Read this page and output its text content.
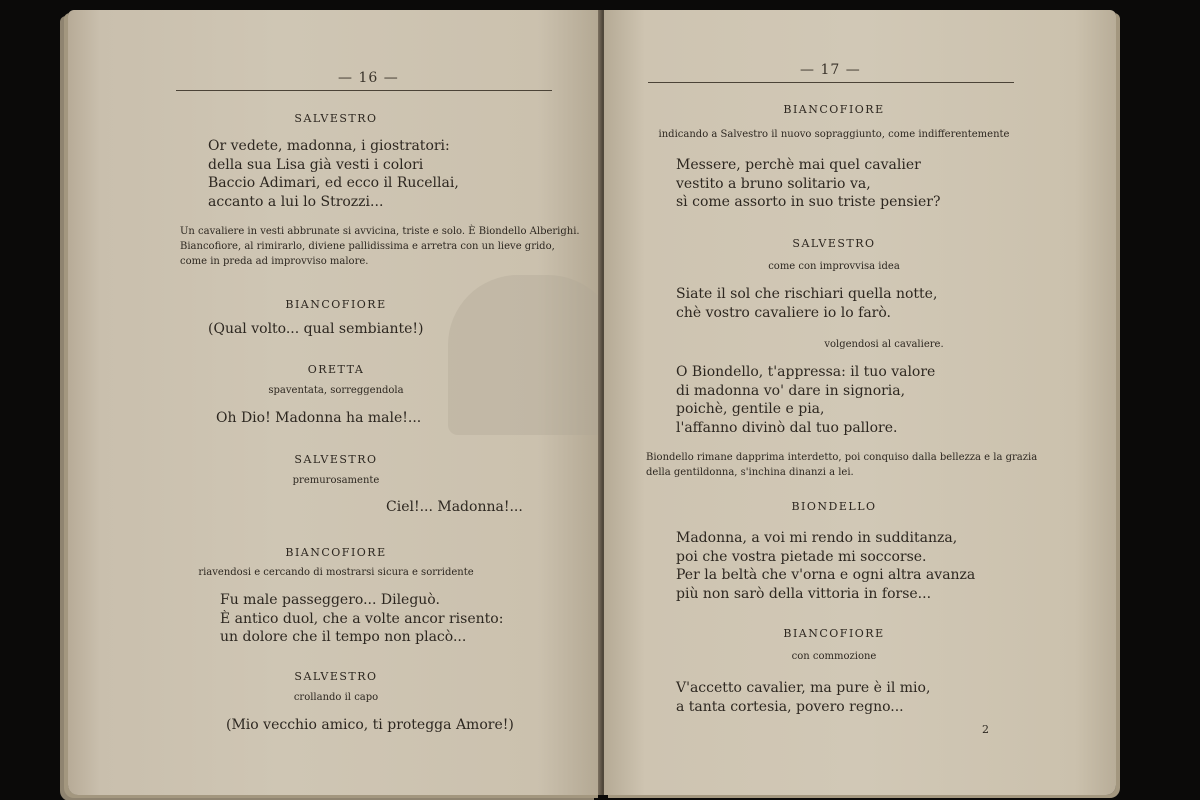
— 16 —
SALVESTRO
Or vedete, madonna, i giostratori:
della sua Lisa già vesti i colori
Baccio Adimari, ed ecco il Rucellai,
accanto a lui lo Strozzi...
Un cavaliere in vesti abbrunate si avvicina, triste e solo. È Biondello Alberighi. Biancofiore, al rimirarlo, diviene pallidissima e arretra con un lieve grido, come in preda ad improvviso malore.
BIANCOFIORE
(Qual volto... qual sembiante!)
ORETTA
spaventata, sorreggendola
Oh Dio! Madonna ha male!...
SALVESTRO
premurosamente
Ciel!... Madonna!...
BIANCOFIORE
riavendosi e cercando di mostrarsi sicura e sorridente
Fu male passeggero... Dileguò.
È antico duol, che a volte ancor risento:
un dolore che il tempo non placò...
SALVESTRO
crollando il capo
(Mio vecchio amico, ti protegga Amore!)
— 17 —
BIANCOFIORE
indicando a Salvestro il nuovo sopraggiunto, come indifferentemente
Messere, perchè mai quel cavalier
vestito a bruno solitario va,
sì come assorto in suo triste pensier?
SALVESTRO
come con improvvisa idea
Siate il sol che rischiari quella notte,
chè vostro cavaliere io lo farò.
volgendosi al cavaliere.
O Biondello, t'appressa: il tuo valore
di madonna vo' dare in signoria,
poichè, gentile e pia,
l'affanno divinò dal tuo pallore.
Biondello rimane dapprima interdetto, poi conquiso dalla bellezza e la grazia della gentildonna, s'inchina dinanzi a lei.
BIONDELLO
Madonna, a voi mi rendo in sudditanza,
poi che vostra pietade mi soccorse.
Per la beltà che v'orna e ogni altra avanza
più non sarò della vittoria in forse...
BIANCOFIORE
con commozione
V'accetto cavalier, ma pure è il mio,
a tanta cortesia, povero regno...
2
